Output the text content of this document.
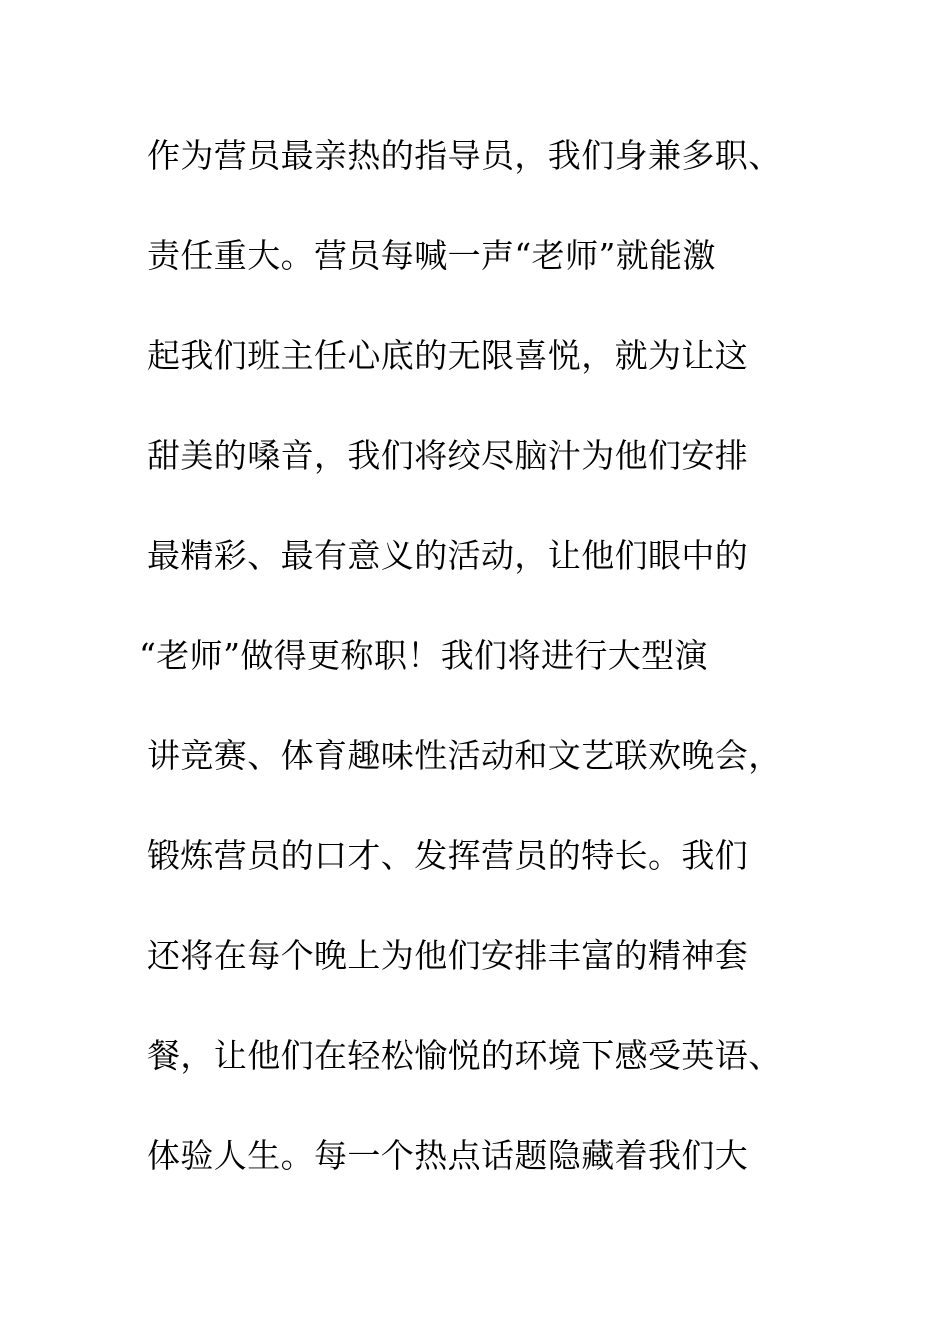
作为营员最亲热的指导员，我们身兼多职、
责任重大。营员每喊一声“老师”就能激
起我们班主任心底的无限喜悦，就为让这
甜美的嗓音，我们将绞尽脑汁为他们安排
最精彩、最有意义的活动，让他们眼中的
“老师”做得更称职！我们将进行大型演
讲竞赛、体育趣味性活动和文艺联欢晚会，
锻炼营员的口才、发挥营员的特长。我们
还将在每个晚上为他们安排丰富的精神套
餐，让他们在轻松愉悦的环境下感受英语、
体验人生。每一个热点话题隐藏着我们大
